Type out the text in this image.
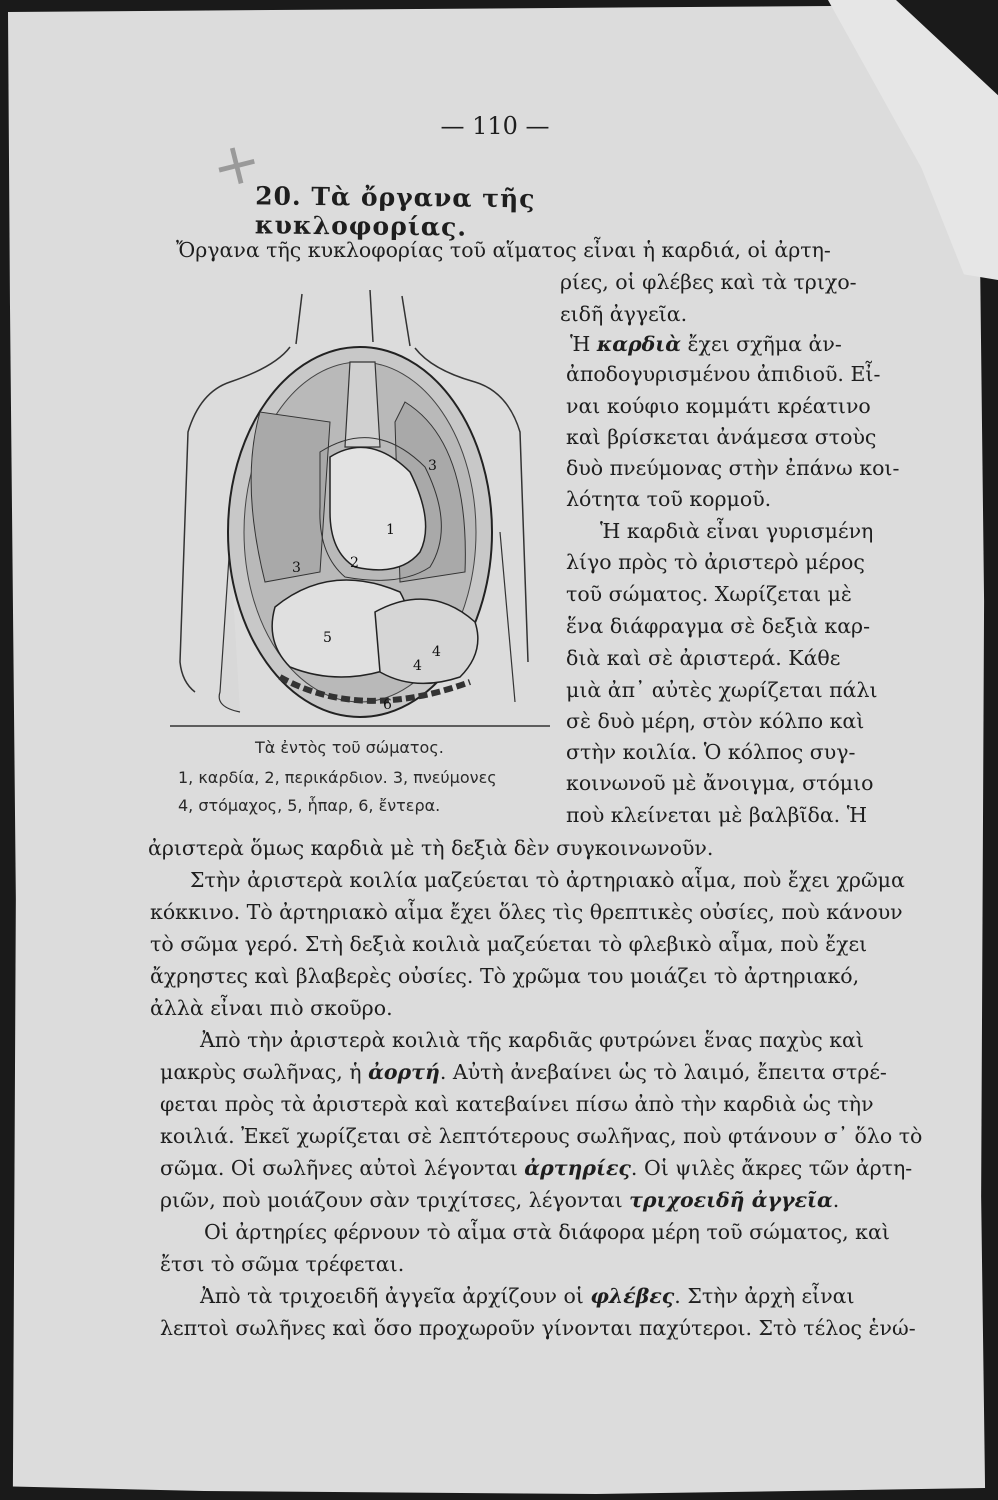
— 110 —
+
20. Τὰ ὄργανα τῆς κυκλοφορίας.
1
2
3
3
4
4
5
6
Τὰ ἐντὸς τοῦ σώματος.
1, καρδία, 2, περικάρδιον. 3, πνεύμονες
4, στόμαχος, 5, ἧπαρ, 6, ἔντερα.
Ὄργανα τῆς κυκλοφορίας τοῦ αἵματος εἶναι ἡ καρδιά, οἱ ἀρτη-
ρίες, οἱ φλέβες καὶ τὰ τριχο-
ειδῆ ἀγγεῖα.
Ἡ καρδιὰ ἔχει σχῆμα ἀν-
ἀποδογυρισμένου ἀπιδιοῦ. Εἶ-
ναι κούφιο κομμάτι κρέατινο
καὶ βρίσκεται ἀνάμεσα στοὺς
δυὸ πνεύμονας στὴν ἐπάνω κοι-
λότητα τοῦ κορμοῦ.
Ἡ καρδιὰ εἶναι γυρισμένη
λίγο πρὸς τὸ ἀριστερὸ μέρος
τοῦ σώματος. Χωρίζεται μὲ
ἕνα διάφραγμα σὲ δεξιὰ καρ-
διὰ καὶ σὲ ἀριστερά. Κάθε
μιὰ ἀπ᾽ αὐτὲς χωρίζεται πάλι
σὲ δυὸ μέρη, στὸν κόλπο καὶ
στὴν κοιλία. Ὁ κόλπος συγ-
κοινωνοῦ μὲ ἄνοιγμα, στόμιο
ποὺ κλείνεται μὲ βαλβῖδα. Ἡ
ἀριστερὰ ὅμως καρδιὰ μὲ τὴ δεξιὰ δὲν συγκοινωνοῦν.
Στὴν ἀριστερὰ κοιλία μαζεύεται τὸ ἀρτηριακὸ αἷμα, ποὺ ἔχει χρῶμα
κόκκινο. Τὸ ἀρτηριακὸ αἷμα ἔχει ὅλες τὶς θρεπτικὲς οὐσίες, ποὺ κάνουν
τὸ σῶμα γερό. Στὴ δεξιὰ κοιλιὰ μαζεύεται τὸ φλεβικὸ αἷμα, ποὺ ἔχει
ἄχρηστες καὶ βλαβερὲς οὐσίες. Τὸ χρῶμα του μοιάζει τὸ ἀρτηριακό,
ἀλλὰ εἶναι πιὸ σκοῦρο.
Ἀπὸ τὴν ἀριστερὰ κοιλιὰ τῆς καρδιᾶς φυτρώνει ἕνας παχὺς καὶ
μακρὺς σωλῆνας, ἡ ἀορτή. Αὐτὴ ἀνεβαίνει ὡς τὸ λαιμό, ἔπειτα στρέ-
φεται πρὸς τὰ ἀριστερὰ καὶ κατεβαίνει πίσω ἀπὸ τὴν καρδιὰ ὡς τὴν
κοιλιά. Ἐκεῖ χωρίζεται σὲ λεπτότερους σωλῆνας, ποὺ φτάνουν σ᾽ ὅλο τὸ
σῶμα. Οἱ σωλῆνες αὐτοὶ λέγονται ἀρτηρίες. Οἱ ψιλὲς ἄκρες τῶν ἀρτη-
ριῶν, ποὺ μοιάζουν σὰν τριχίτσες, λέγονται τριχοειδῆ ἀγγεῖα.
Οἱ ἀρτηρίες φέρνουν τὸ αἷμα στὰ διάφορα μέρη τοῦ σώματος, καὶ
ἔτσι τὸ σῶμα τρέφεται.
Ἀπὸ τὰ τριχοειδῆ ἀγγεῖα ἀρχίζουν οἱ φλέβες. Στὴν ἀρχὴ εἶναι
λεπτοὶ σωλῆνες καὶ ὅσο προχωροῦν γίνονται παχύτεροι. Στὸ τέλος ἑνώ-
